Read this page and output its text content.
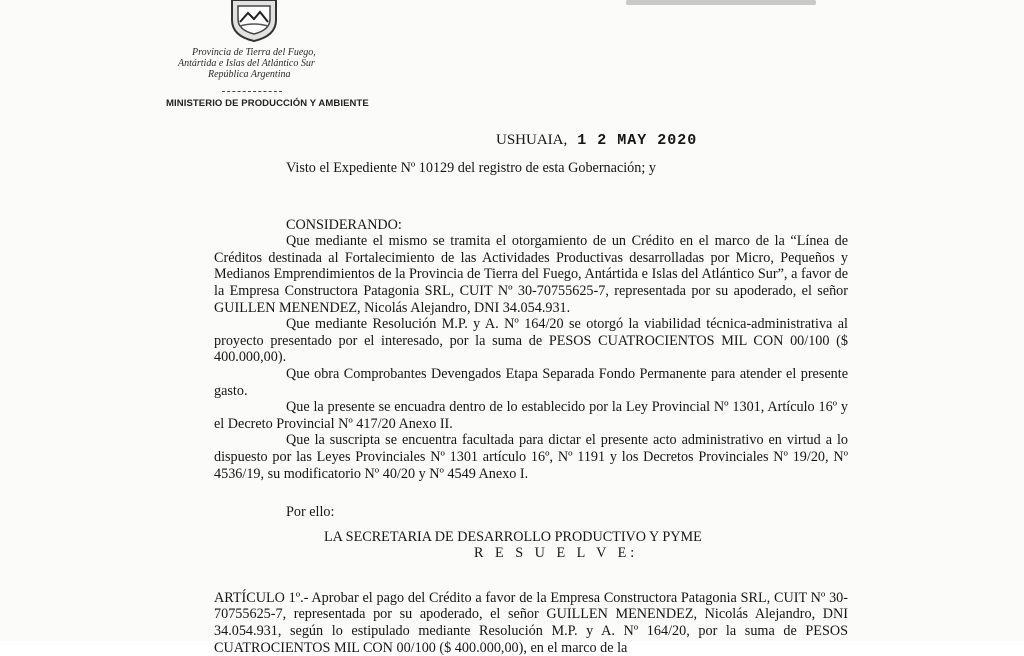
Provincia de Tierra del Fuego,
Antártida e Islas del Atlántico Sur
República Argentina
MINISTERIO DE PRODUCCIÓN Y AMBIENTE
USHUAIA, 1 2 MAY 2020

Visto el Expediente Nº 10129 del registro de esta Gobernación; y

CONSIDERANDO:

Que mediante el mismo se tramita el otorgamiento de un Crédito en el marco de la “Línea de Créditos destinada al Fortalecimiento de las Actividades Productivas desarrolladas por Micro, Pequeños y Medianos Emprendimientos de la Provincia de Tierra del Fuego, Antártida e Islas del Atlántico Sur”, a favor de la Empresa Constructora Patagonia SRL, CUIT Nº 30-70755625-7, representada por su apoderado, el señor GUILLEN MENENDEZ, Nicolás Alejandro, DNI 34.054.931.

Que mediante Resolución M.P. y A. Nº 164/20 se otorgó la viabilidad técnica-administrativa al proyecto presentado por el interesado, por la suma de PESOS CUATROCIENTOS MIL CON 00/100 ($ 400.000,00).

Que obra Comprobantes Devengados Etapa Separada Fondo Permanente para atender el presente gasto.

Que la presente se encuadra dentro de lo establecido por la Ley Provincial Nº 1301, Artículo 16º y el Decreto Provincial Nº 417/20 Anexo II.

Que la suscripta se encuentra facultada para dictar el presente acto administrativo en virtud a lo dispuesto por las Leyes Provinciales Nº 1301 artículo 16º, Nº 1191 y los Decretos Provinciales Nº 19/20, Nº 4536/19, su modificatorio Nº 40/20 y Nº 4549 Anexo I.

Por ello:

LA SECRETARIA DE DESARROLLO PRODUCTIVO Y PYME

R E S U E L V E:

ARTÍCULO 1º.- Aprobar el pago del Crédito a favor de la Empresa Constructora Patagonia SRL, CUIT Nº 30-70755625-7, representada por su apoderado, el señor GUILLEN MENENDEZ, Nicolás Alejandro, DNI 34.054.931, según lo estipulado mediante Resolución M.P. y A. Nº 164/20, por la suma de PESOS CUATROCIENTOS MIL CON 00/100 ($ 400.000,00), en el marco de la
